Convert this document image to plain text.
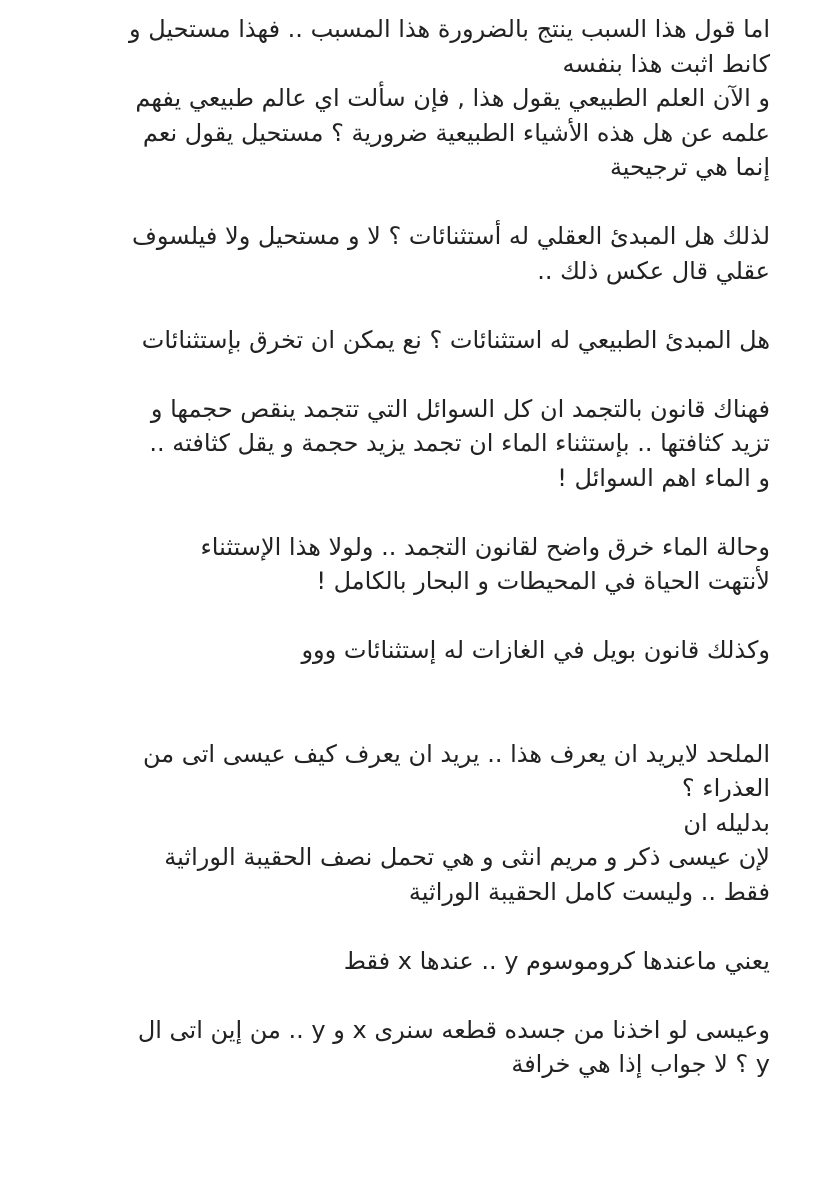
اما قول هذا السبب ينتج بالضرورة هذا المسبب .. فهذا مستحيل و
كانط اثبت هذا بنفسه
و الآن العلم الطبيعي يقول هذا , فإن سألت اي عالم طبيعي يفهم
علمه عن هل هذه الأشياء الطبيعية ضرورية ؟ مستحيل يقول نعم
إنما هي ترجيحية
لذلك هل المبدئ العقلي له أستثنائات ؟ لا و مستحيل ولا فيلسوف
عقلي قال عكس ذلك ..
هل المبدئ الطبيعي له استثنائات ؟ نع يمكن ان تخرق بإستثنائات
فهناك قانون بالتجمد ان كل السوائل التي تتجمد ينقص حجمها و
تزيد كثافتها .. بإستثناء الماء ان تجمد يزيد حجمة و يقل كثافته ..
و الماء اهم السوائل !
وحالة الماء خرق واضح لقانون التجمد .. ولولا هذا الإستثناء
لأنتهت الحياة في المحيطات و البحار بالكامل !
وكذلك قانون بويل في الغازات له إستثنائات ووو
الملحد لايريد ان يعرف هذا .. يريد ان يعرف كيف عيسى اتى من
العذراء ؟
بدليله ان
لإن عيسى ذكر و مريم انثى و هي تحمل نصف الحقيبة الوراثية
فقط .. وليست كامل الحقيبة الوراثية
يعني ماعندها كروموسوم y .. عندها x فقط
وعيسى لو اخذنا من جسده قطعه سنرى x و y .. من إين اتى ال
y ؟ لا جواب إذا هي خرافة
